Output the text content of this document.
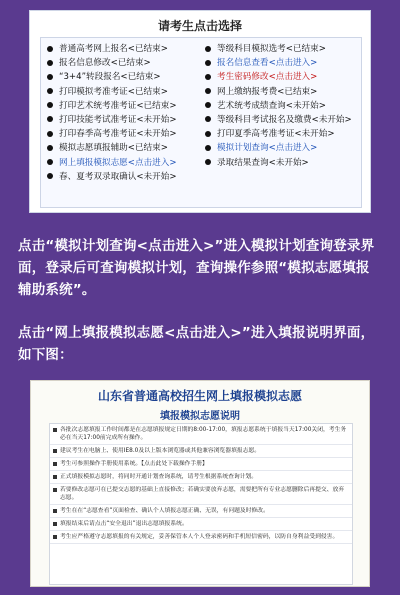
请考生点击选择
普通高考网上报名<已结束>
报名信息修改<已结束>
“3+4”转段报名<已结束>
打印模拟考准考证<已结束>
打印艺术统考准考证<已结束>
打印技能考试准考证<未开始>
打印春季高考准考证<未开始>
模拟志愿填报辅助<已结束>
网上填报模拟志愿<点击进入>
春、夏考双录取确认<未开始>
等级科目模拟选考<已结束>
报名信息查看<点击进入>
考生密码修改<点击进入>
网上缴纳报考费<已结束>
艺术统考成绩查询<未开始>
等级科目考试报名及缴费<未开始>
打印夏季高考准考证<未开始>
模拟计划查询<点击进入>
录取结果查询<未开始>
点击“模拟计划查询<点击进入>”进入模拟计划查询登录界面，登录后可查询模拟计划，查询操作参照“模拟志愿填报辅助系统”。
点击“网上填报模拟志愿<点击进入>”进入填报说明界面，如下图：
山东省普通高校招生网上填报模拟志愿
填报模拟志愿说明
各批次志愿填报工作时间都是在志愿填报规定日期的8:00-17:00，填报志愿系统于填报当天17:00关闭，考生务必在当天17:00前完成所有操作。
建议考生在电脑上、使用IE8.0及以上版本浏览器或其他兼容浏览器填报志愿。
考生可参照操作手册使用系统。【点击此处下载操作手册】
正式填报模拟志愿时，将同时开通计划查询系统，请考生根据系统查询计划。
若要修改志愿可在已提交志愿的基础上直接修改；若确实要放弃志愿，需要把所有专业志愿删除后再提交、放弃志愿。
考生在在“志愿查看”页面检查、确认个人填报志愿正确、无误，有问题及时修改。
填报结束后请点击“安全退出”退出志愿填报系统。
考生应严格遵守志愿填报的有关规定，妥善保管本人个人登录密码和手机短信密码，以防自身利益受到侵害。
